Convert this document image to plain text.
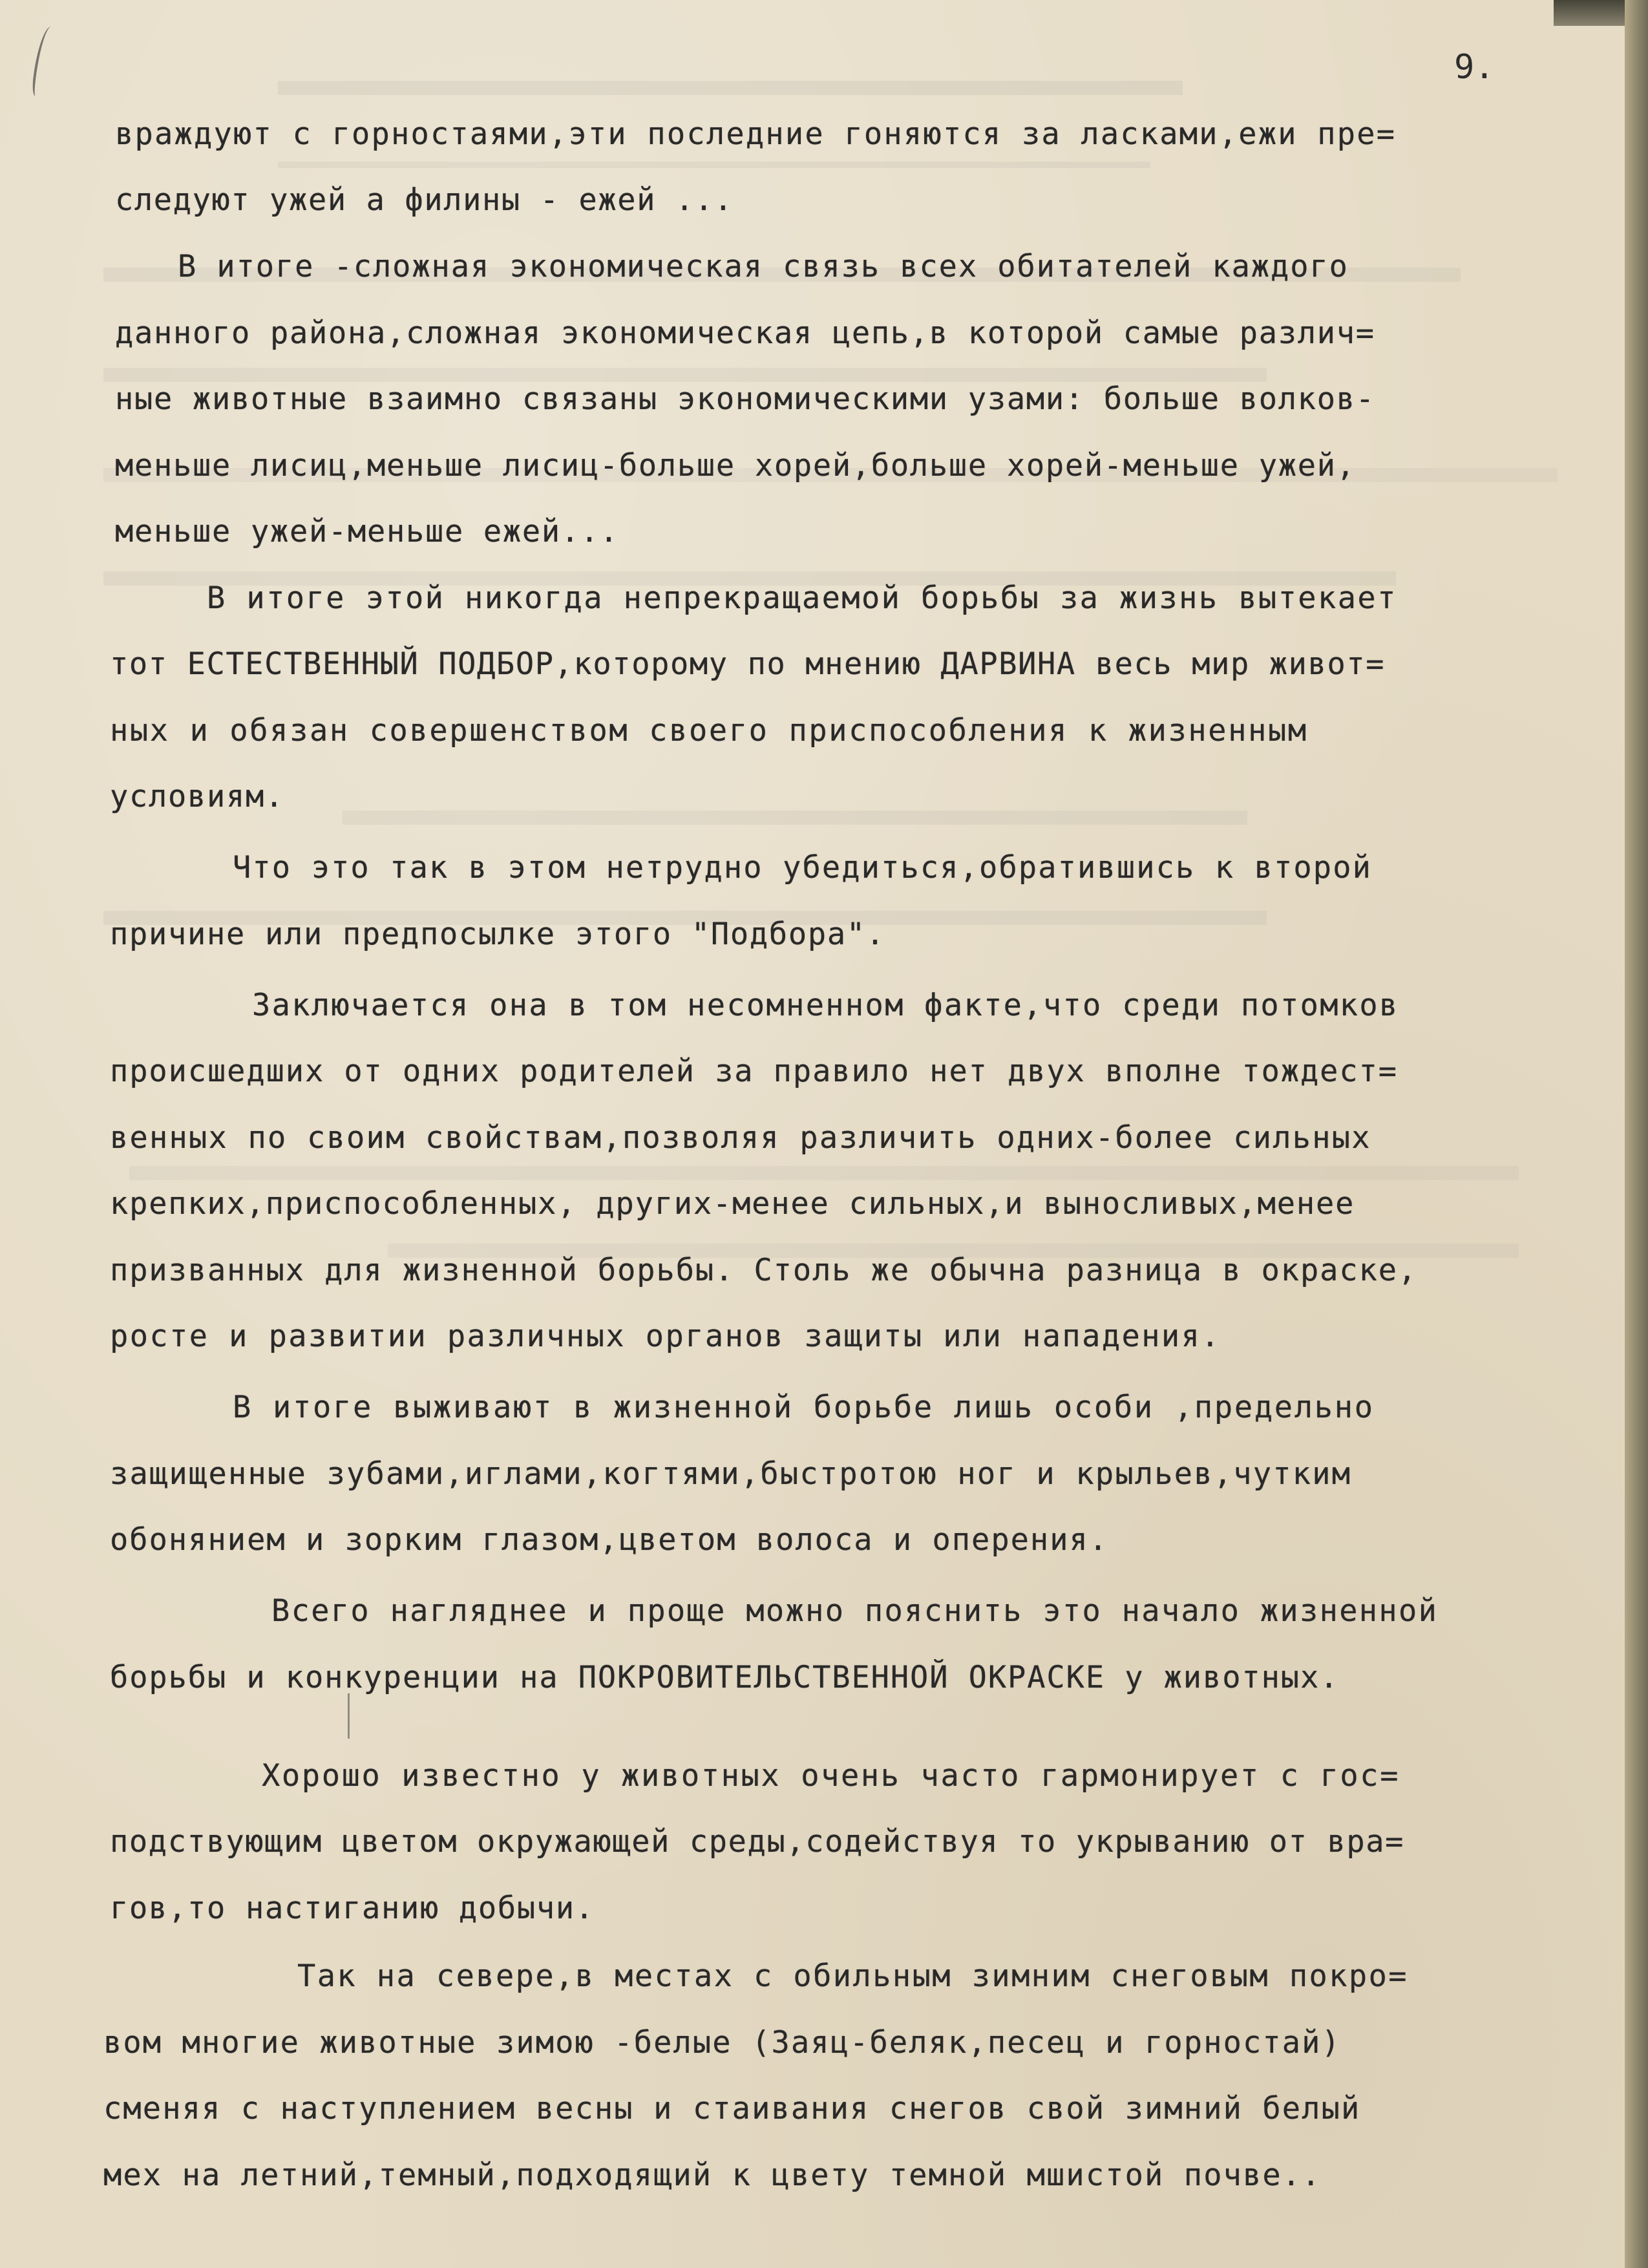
9.
враждуют с горностаями,эти последние гоняются за ласками,ежи пре=
следуют ужей а филины - ежей ...
В итоге -сложная экономическая связь всех обитателей каждого
данного района,сложная экономическая цепь,в которой самые различ=
ные животные взаимно связаны экономическими узами: больше волков-
меньше лисиц,меньше лисиц-больше хорей,больше хорей-меньше ужей,
меньше ужей-меньше ежей...
В итоге этой никогда непрекращаемой борьбы за жизнь вытекает
тот ЕСТЕСТВЕННЫЙ ПОДБОР,которому по мнению ДАРВИНА весь мир живот=
ных и обязан совершенством своего приспособления к жизненным
условиям.
Что это так в этом нетрудно убедиться,обратившись к второй
причине или предпосылке этого "Подбора".
Заключается она в том несомненном факте,что среди потомков
происшедших от одних родителей за правило нет двух вполне тождест=
венных по своим свойствам,позволяя различить одних-более сильных
крепких,приспособленных, других-менее сильных,и выносливых,менее
призванных для жизненной борьбы. Столь же обычна разница в окраске,
росте и развитии различных органов защиты или нападения.
В итоге выживают в жизненной борьбе лишь особи ,предельно
защищенные зубами,иглами,когтями,быстротою ног и крыльев,чутким
обонянием и зорким глазом,цветом волоса и оперения.
Всего нагляднее и проще можно пояснить это начало жизненной
борьбы и конкуренции на ПОКРОВИТЕЛЬСТВЕННОЙ ОКРАСКЕ у животных.
Хорошо известно у животных очень часто гармонирует с гос=
подствующим цветом окружающей среды,содействуя то укрыванию от вра=
гов,то настиганию добычи.
Так на севере,в местах с обильным зимним снеговым покро=
вом многие животные зимою -белые (Заяц-беляк,песец и горностай)
сменяя с наступлением весны и стаивания снегов свой зимний белый
мех на летний,темный,подходящий к цвету темной мшистой почве..
